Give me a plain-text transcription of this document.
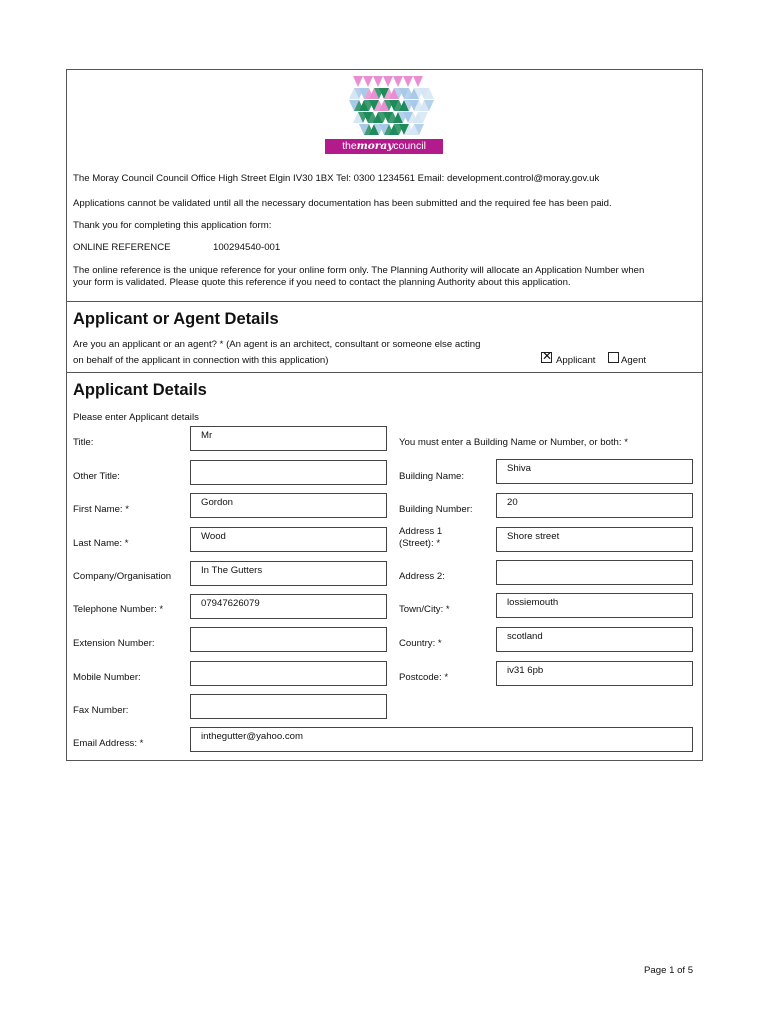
themoraycouncil
The Moray Council Council Office High Street Elgin IV30 1BX Tel: 0300 1234561 Email: development.control@moray.gov.uk
Applications cannot be validated until all the necessary documentation has been submitted and the required fee has been paid.
Thank you for completing this application form:
ONLINE REFERENCE	100294540-001
The online reference is the unique reference for your online form only. The Planning Authority will allocate an Application Number when
your form is validated. Please quote this reference if you need to contact the planning Authority about this application.
Applicant or Agent Details
Are you an applicant or an agent? * (An agent is an architect, consultant or someone else acting
on behalf of the applicant in connection with this application)	✕ Applicant	Agent
Applicant Details
Please enter Applicant details
You must enter a Building Name or Number, or both: *
Title:
Mr
Other Title:
First Name: *
Gordon
Last Name: *
Wood
Company/Organisation
In The Gutters
Telephone Number: *
07947626079
Extension Number:
Mobile Number:
Fax Number:
Building Name:
Shiva
Building Number:
20
Address 1
(Street): *
Shore street
Address 2:
Town/City: *
lossiemouth
Country: *
scotland
Postcode: *
iv31 6pb
Email Address: *
inthegutter@yahoo.com
Page 1 of 5
